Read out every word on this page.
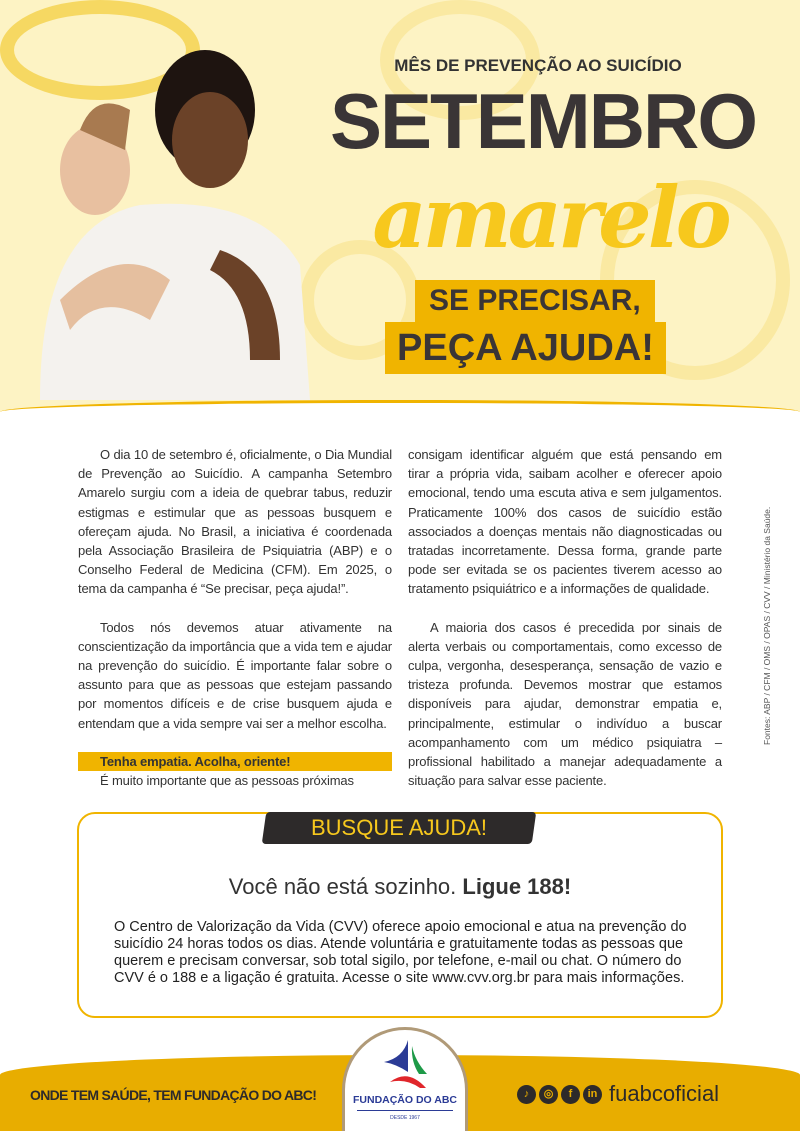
MÊS DE PREVENÇÃO AO SUICÍDIO
SETEMBRO
amarelo
SE PRECISAR,
PEÇA AJUDA!

O dia 10 de setembro é, oficialmente, o Dia Mundial de Prevenção ao Suicídio. A campanha Setembro Amarelo surgiu com a ideia de quebrar tabus, reduzir estigmas e estimular que as pessoas busquem e ofereçam ajuda. No Brasil, a iniciativa é coordenada pela Associação Brasileira de Psiquiatria (ABP) e o Conselho Federal de Medicina (CFM). Em 2025, o tema da campanha é “Se precisar, peça ajuda!”.

Todos nós devemos atuar ativamente na conscientização da importância que a vida tem e ajudar na prevenção do suicídio. É importante falar sobre o assunto para que as pessoas que estejam passando por momentos difíceis e de crise busquem ajuda e entendam que a vida sempre vai ser a melhor escolha.

Tenha empatia. Acolha, oriente!

É muito importante que as pessoas próximas

consigam identificar alguém que está pensando em tirar a própria vida, saibam acolher e oferecer apoio emocional, tendo uma escuta ativa e sem julgamentos. Praticamente 100% dos casos de suicídio estão associados a doenças mentais não diagnosticadas ou tratadas incorretamente. Dessa forma, grande parte pode ser evitada se os pacientes tiverem acesso ao tratamento psiquiátrico e a informações de qualidade.

A maioria dos casos é precedida por sinais de alerta verbais ou comportamentais, como excesso de culpa, vergonha, desesperança, sensação de vazio e tristeza profunda. Devemos mostrar que estamos disponíveis para ajudar, demonstrar empatia e, principalmente, estimular o indivíduo a buscar acompanhamento com um médico psiquiatra – profissional habilitado a manejar adequadamente a situação para salvar esse paciente.

Fontes: ABP / CFM / OMS / OPAS / CVV / Ministério da Saúde.
BUSQUE AJUDA!
Você não está sozinho. Ligue 188!
O Centro de Valorização da Vida (CVV) oferece apoio emocional e atua na prevenção do suicídio 24 horas todos os dias. Atende voluntária e gratuitamente todas as pessoas que querem e precisam conversar, sob total sigilo, por telefone, e-mail ou chat. O número do CVV é o 188 e a ligação é gratuita. Acesse o site www.cvv.org.br para mais informações.
ONDE TEM SAÚDE, TEM FUNDAÇÃO DO ABC!	FUNDAÇÃO DO ABC
DESDE 1967
♪	◎	f	in fuabcoficial
